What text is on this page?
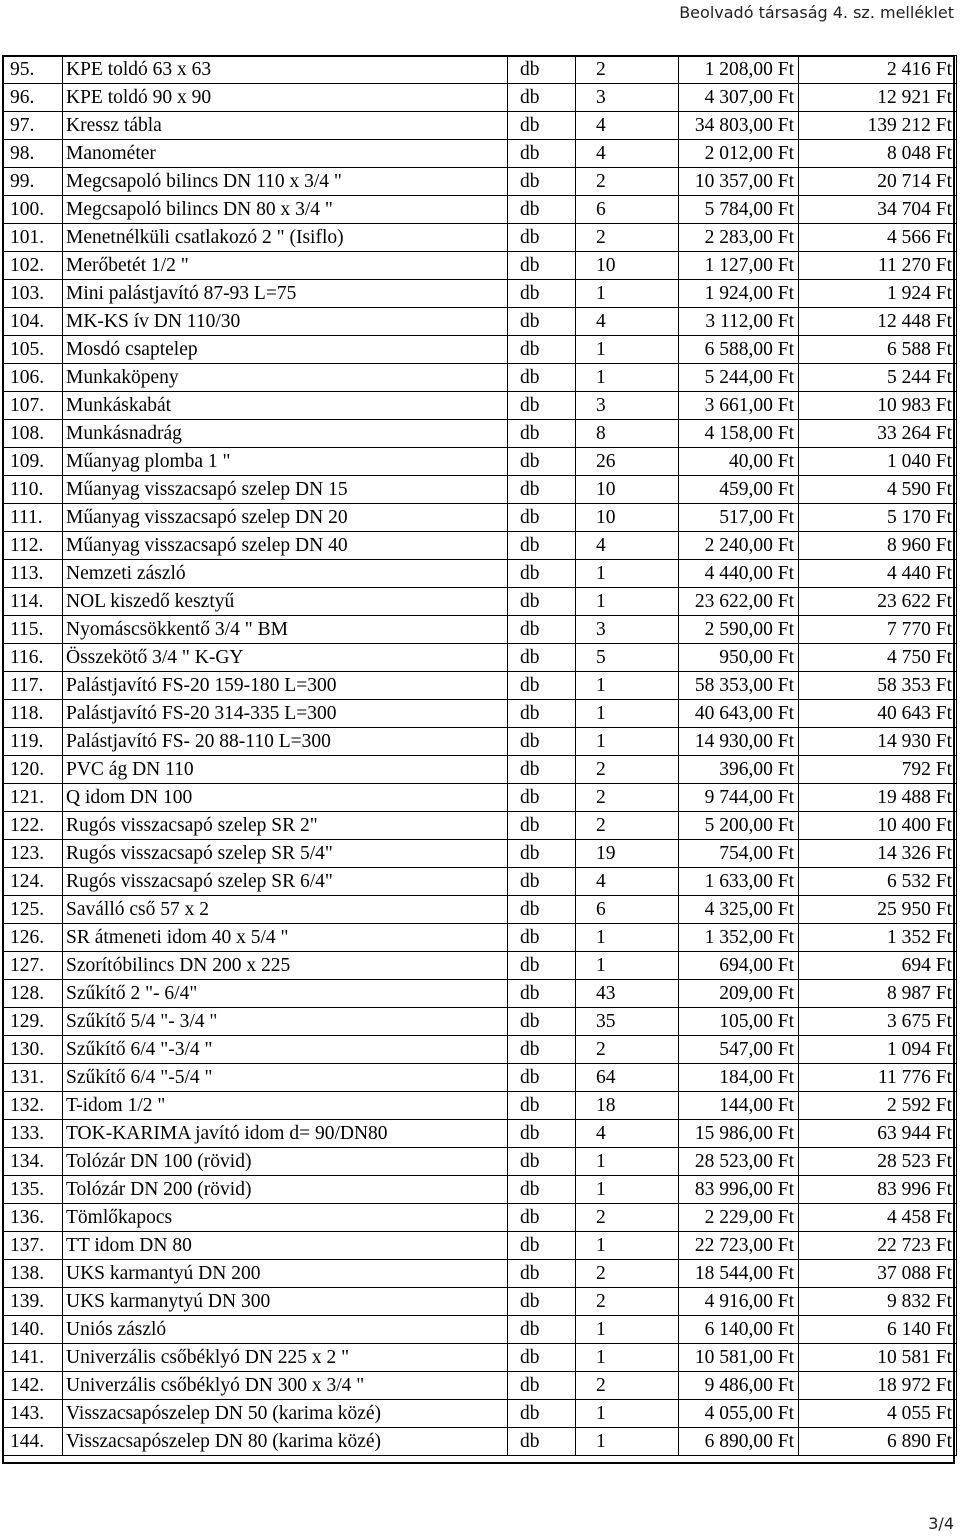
Beolvadó társaság 4. sz. melléklet
95.	KPE toldó 63 x 63	db	2	1 208,00 Ft	2 416 Ft
96.	KPE toldó 90 x 90	db	3	4 307,00 Ft	12 921 Ft
97.	Kressz tábla	db	4	34 803,00 Ft	139 212 Ft
98.	Manométer	db	4	2 012,00 Ft	8 048 Ft
99.	Megcsapoló bilincs DN 110 x 3/4 "	db	2	10 357,00 Ft	20 714 Ft
100.	Megcsapoló bilincs DN 80 x 3/4 "	db	6	5 784,00 Ft	34 704 Ft
101.	Menetnélküli csatlakozó 2 " (Isiflo)	db	2	2 283,00 Ft	4 566 Ft
102.	Merőbetét 1/2 "	db	10	1 127,00 Ft	11 270 Ft
103.	Mini palástjavító 87-93 L=75	db	1	1 924,00 Ft	1 924 Ft
104.	MK-KS ív DN 110/30	db	4	3 112,00 Ft	12 448 Ft
105.	Mosdó csaptelep	db	1	6 588,00 Ft	6 588 Ft
106.	Munkaköpeny	db	1	5 244,00 Ft	5 244 Ft
107.	Munkáskabát	db	3	3 661,00 Ft	10 983 Ft
108.	Munkásnadrág	db	8	4 158,00 Ft	33 264 Ft
109.	Műanyag plomba 1 "	db	26	40,00 Ft	1 040 Ft
110.	Műanyag visszacsapó szelep DN 15	db	10	459,00 Ft	4 590 Ft
111.	Műanyag visszacsapó szelep DN 20	db	10	517,00 Ft	5 170 Ft
112.	Műanyag visszacsapó szelep DN 40	db	4	2 240,00 Ft	8 960 Ft
113.	Nemzeti zászló	db	1	4 440,00 Ft	4 440 Ft
114.	NOL kiszedő kesztyű	db	1	23 622,00 Ft	23 622 Ft
115.	Nyomáscsökkentő 3/4 " BM	db	3	2 590,00 Ft	7 770 Ft
116.	Összekötő 3/4 " K-GY	db	5	950,00 Ft	4 750 Ft
117.	Palástjavító FS-20 159-180 L=300	db	1	58 353,00 Ft	58 353 Ft
118.	Palástjavító FS-20 314-335 L=300	db	1	40 643,00 Ft	40 643 Ft
119.	Palástjavító FS- 20 88-110 L=300	db	1	14 930,00 Ft	14 930 Ft
120.	PVC ág DN 110	db	2	396,00 Ft	792 Ft
121.	Q idom DN 100	db	2	9 744,00 Ft	19 488 Ft
122.	Rugós visszacsapó szelep SR 2"	db	2	5 200,00 Ft	10 400 Ft
123.	Rugós visszacsapó szelep SR 5/4"	db	19	754,00 Ft	14 326 Ft
124.	Rugós visszacsapó szelep SR 6/4"	db	4	1 633,00 Ft	6 532 Ft
125.	Saválló cső 57 x 2	db	6	4 325,00 Ft	25 950 Ft
126.	SR átmeneti idom 40 x 5/4 "	db	1	1 352,00 Ft	1 352 Ft
127.	Szorítóbilincs DN 200 x 225	db	1	694,00 Ft	694 Ft
128.	Szűkítő 2 "- 6/4"	db	43	209,00 Ft	8 987 Ft
129.	Szűkítő 5/4 "- 3/4 "	db	35	105,00 Ft	3 675 Ft
130.	Szűkítő 6/4 "-3/4 "	db	2	547,00 Ft	1 094 Ft
131.	Szűkítő 6/4 "-5/4 "	db	64	184,00 Ft	11 776 Ft
132.	T-idom 1/2 "	db	18	144,00 Ft	2 592 Ft
133.	TOK-KARIMA javító idom d= 90/DN80	db	4	15 986,00 Ft	63 944 Ft
134.	Tolózár DN 100 (rövid)	db	1	28 523,00 Ft	28 523 Ft
135.	Tolózár DN 200 (rövid)	db	1	83 996,00 Ft	83 996 Ft
136.	Tömlőkapocs	db	2	2 229,00 Ft	4 458 Ft
137.	TT idom DN 80	db	1	22 723,00 Ft	22 723 Ft
138.	UKS karmantyú DN 200	db	2	18 544,00 Ft	37 088 Ft
139.	UKS karmanytyú DN 300	db	2	4 916,00 Ft	9 832 Ft
140.	Uniós zászló	db	1	6 140,00 Ft	6 140 Ft
141.	Univerzális csőbéklyó DN 225 x 2 "	db	1	10 581,00 Ft	10 581 Ft
142.	Univerzális csőbéklyó DN 300 x 3/4 "	db	2	9 486,00 Ft	18 972 Ft
143.	Visszacsapószelep DN 50 (karima közé)	db	1	4 055,00 Ft	4 055 Ft
144.	Visszacsapószelep DN 80 (karima közé)	db	1	6 890,00 Ft	6 890 Ft
3/4
